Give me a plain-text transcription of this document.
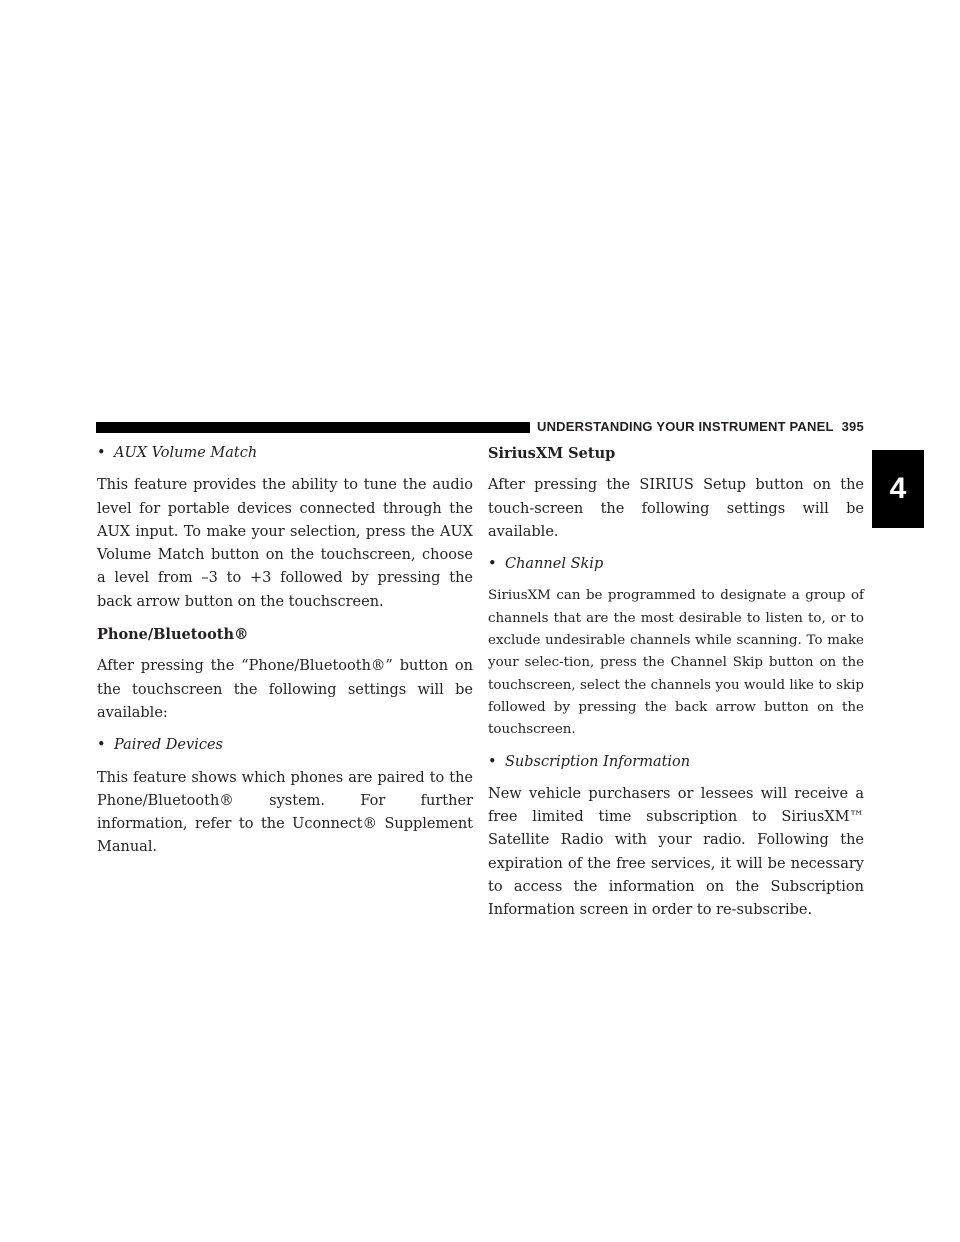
UNDERSTANDING YOUR INSTRUMENT PANEL 395
4
• AUX Volume Match

This feature provides the ability to tune the audio level for portable devices connected through the AUX input. To make your selection, press the AUX Volume Match button on the touchscreen, choose a level from –3 to +3 followed by pressing the back arrow button on the touchscreen.

Phone/Bluetooth®

After pressing the “Phone/Bluetooth®” button on the touchscreen the following settings will be available:

• Paired Devices

This feature shows which phones are paired to the Phone/Bluetooth® system. For further information, refer to the Uconnect® Supplement Manual.

SiriusXM Setup

After pressing the SIRIUS Setup button on the touch-screen the following settings will be available.

• Channel Skip

SiriusXM can be programmed to designate a group of channels that are the most desirable to listen to, or to exclude undesirable channels while scanning. To make your selec-tion, press the Channel Skip button on the touchscreen, select the channels you would like to skip followed by pressing the back arrow button on the touchscreen.

• Subscription Information

New vehicle purchasers or lessees will receive a free limited time subscription to SiriusXM™ Satellite Radio with your radio. Following the expiration of the free services, it will be necessary to access the information on the Subscription Information screen in order to re-subscribe.
